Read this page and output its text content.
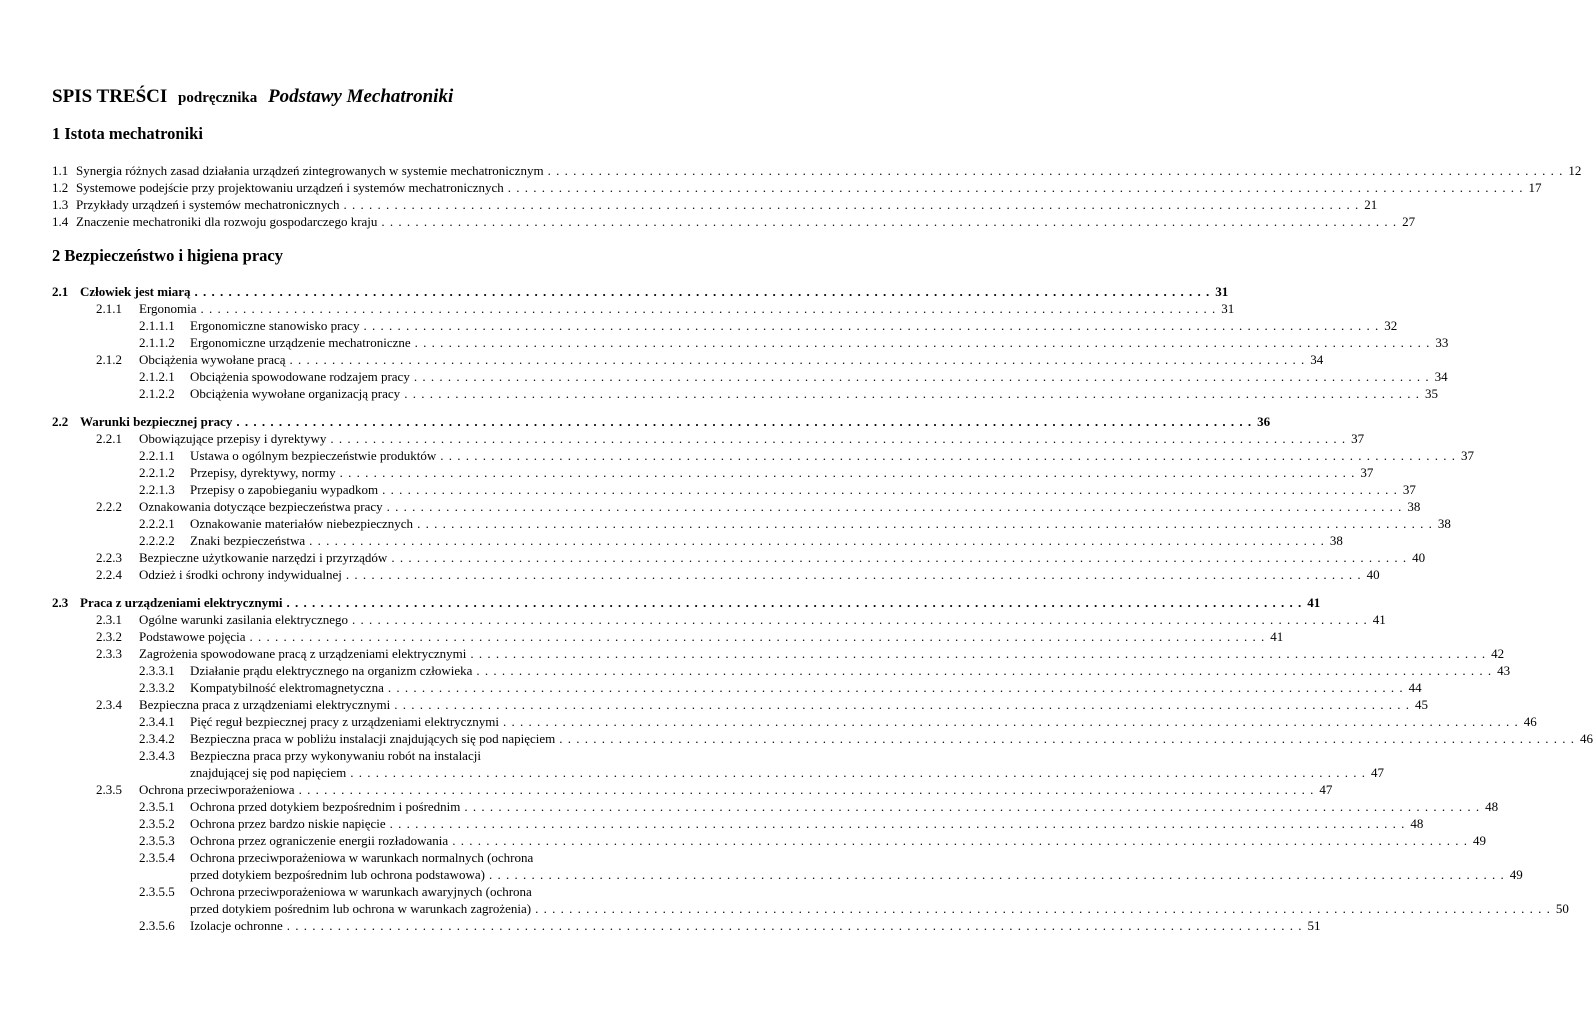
SPIS TREŚCI podręcznika Podstawy Mechatroniki
1 Istota mechatroniki
1.1 Synergia różnych zasad działania urządzeń zintegrowanych w systemie mechatronicznym . . . . . . . . . . . . . . . . . . . . . . . . . . . . . . . . . . . . . . . . . . . . . . . . . . . . . . . . . . . . . . . . . . . . . . . . . . . . . . . . . . . . . . . . . . . . . . . . . . . . . . . . . . . . . . . . . . . . . . . . 12
1.2 Systemowe podejście przy projektowaniu urządzeń i systemów mechatronicznych . . . . . . . . . . . . . . . . . . . . . . . . . . . . . . . . . . . . . . . . . . . . . . . . . . . . . . . . . . . . . . . . . . . . . . . . . . . . . . . . . . . . . . . . . . . . . . . . . . . . . . . . . . . . . . . . . . . . . . . . 17
1.3 Przykłady urządzeń i systemów mechatronicznych . . . . . . . . . . . . . . . . . . . . . . . . . . . . . . . . . . . . . . . . . . . . . . . . . . . . . . . . . . . . . . . . . . . . . . . . . . . . . . . . . . . . . . . . . . . . . . . . . . . . . . . . . . . . . . . . . . . . . . . . 21
1.4 Znaczenie mechatroniki dla rozwoju gospodarczego kraju . . . . . . . . . . . . . . . . . . . . . . . . . . . . . . . . . . . . . . . . . . . . . . . . . . . . . . . . . . . . . . . . . . . . . . . . . . . . . . . . . . . . . . . . . . . . . . . . . . . . . . . . . . . . . . . . . . . . . . . . 27
2 Bezpieczeństwo i higiena pracy
2.1 Człowiek jest miarą . . . . . . . . . . . . . . . . . . . . . . . . . . . . . . . . . . . . . . . . . . . . . . . . . . . . . . . . . . . . . . . . . . . . . . . . . . . . . . . . . . . . . . . . . . . . . . . . . . . . . . . . . . . . . . . . . . . . . . . . 31
2.1.1 Ergonomia . . . . . . . . . . . . . . . . . . . . . . . . . . . . . . . . . . . . . . . . . . . . . . . . . . . . . . . . . . . . . . . . . . . . . . . . . . . . . . . . . . . . . . . . . . . . . . . . . . . . . . . . . . . . . . . . . . . . . . . . 31
2.1.1.1 Ergonomiczne stanowisko pracy . . . . . . . . . . . . . . . . . . . . . . . . . . . . . . . . . . . . . . . . . . . . . . . . . . . . . . . . . . . . . . . . . . . . . . . . . . . . . . . . . . . . . . . . . . . . . . . . . . . . . . . . . . . . . . . . . . . . . . . . 32
2.1.1.2 Ergonomiczne urządzenie mechatroniczne . . . . . . . . . . . . . . . . . . . . . . . . . . . . . . . . . . . . . . . . . . . . . . . . . . . . . . . . . . . . . . . . . . . . . . . . . . . . . . . . . . . . . . . . . . . . . . . . . . . . . . . . . . . . . . . . . . . . . . . . 33
2.1.2 Obciążenia wywołane pracą . . . . . . . . . . . . . . . . . . . . . . . . . . . . . . . . . . . . . . . . . . . . . . . . . . . . . . . . . . . . . . . . . . . . . . . . . . . . . . . . . . . . . . . . . . . . . . . . . . . . . . . . . . . . . . . . . . . . . . . . 34
2.1.2.1 Obciążenia spowodowane rodzajem pracy . . . . . . . . . . . . . . . . . . . . . . . . . . . . . . . . . . . . . . . . . . . . . . . . . . . . . . . . . . . . . . . . . . . . . . . . . . . . . . . . . . . . . . . . . . . . . . . . . . . . . . . . . . . . . . . . . . . . . . . . 34
2.1.2.2 Obciążenia wywołane organizacją pracy . . . . . . . . . . . . . . . . . . . . . . . . . . . . . . . . . . . . . . . . . . . . . . . . . . . . . . . . . . . . . . . . . . . . . . . . . . . . . . . . . . . . . . . . . . . . . . . . . . . . . . . . . . . . . . . . . . . . . . . . 35
2.2 Warunki bezpiecznej pracy . . . . . . . . . . . . . . . . . . . . . . . . . . . . . . . . . . . . . . . . . . . . . . . . . . . . . . . . . . . . . . . . . . . . . . . . . . . . . . . . . . . . . . . . . . . . . . . . . . . . . . . . . . . . . . . . . . . . . . . . 36
2.2.1 Obowiązujące przepisy i dyrektywy . . . . . . . . . . . . . . . . . . . . . . . . . . . . . . . . . . . . . . . . . . . . . . . . . . . . . . . . . . . . . . . . . . . . . . . . . . . . . . . . . . . . . . . . . . . . . . . . . . . . . . . . . . . . . . . . . . . . . . . . 37
2.2.1.1 Ustawa o ogólnym bezpieczeństwie produktów . . . . . . . . . . . . . . . . . . . . . . . . . . . . . . . . . . . . . . . . . . . . . . . . . . . . . . . . . . . . . . . . . . . . . . . . . . . . . . . . . . . . . . . . . . . . . . . . . . . . . . . . . . . . . . . . . . . . . . . . 37
2.2.1.2 Przepisy, dyrektywy, normy . . . . . . . . . . . . . . . . . . . . . . . . . . . . . . . . . . . . . . . . . . . . . . . . . . . . . . . . . . . . . . . . . . . . . . . . . . . . . . . . . . . . . . . . . . . . . . . . . . . . . . . . . . . . . . . . . . . . . . . . 37
2.2.1.3 Przepisy o zapobieganiu wypadkom . . . . . . . . . . . . . . . . . . . . . . . . . . . . . . . . . . . . . . . . . . . . . . . . . . . . . . . . . . . . . . . . . . . . . . . . . . . . . . . . . . . . . . . . . . . . . . . . . . . . . . . . . . . . . . . . . . . . . . . . 37
2.2.2 Oznakowania dotyczące bezpieczeństwa pracy . . . . . . . . . . . . . . . . . . . . . . . . . . . . . . . . . . . . . . . . . . . . . . . . . . . . . . . . . . . . . . . . . . . . . . . . . . . . . . . . . . . . . . . . . . . . . . . . . . . . . . . . . . . . . . . . . . . . . . . . 38
2.2.2.1 Oznakowanie materiałów niebezpiecznych . . . . . . . . . . . . . . . . . . . . . . . . . . . . . . . . . . . . . . . . . . . . . . . . . . . . . . . . . . . . . . . . . . . . . . . . . . . . . . . . . . . . . . . . . . . . . . . . . . . . . . . . . . . . . . . . . . . . . . . . 38
2.2.2.2 Znaki bezpieczeństwa . . . . . . . . . . . . . . . . . . . . . . . . . . . . . . . . . . . . . . . . . . . . . . . . . . . . . . . . . . . . . . . . . . . . . . . . . . . . . . . . . . . . . . . . . . . . . . . . . . . . . . . . . . . . . . . . . . . . . . . . 38
2.2.3 Bezpieczne użytkowanie narzędzi i przyrządów . . . . . . . . . . . . . . . . . . . . . . . . . . . . . . . . . . . . . . . . . . . . . . . . . . . . . . . . . . . . . . . . . . . . . . . . . . . . . . . . . . . . . . . . . . . . . . . . . . . . . . . . . . . . . . . . . . . . . . . . 40
2.2.4 Odzież i środki ochrony indywidualnej . . . . . . . . . . . . . . . . . . . . . . . . . . . . . . . . . . . . . . . . . . . . . . . . . . . . . . . . . . . . . . . . . . . . . . . . . . . . . . . . . . . . . . . . . . . . . . . . . . . . . . . . . . . . . . . . . . . . . . . . 40
2.3 Praca z urządzeniami elektrycznymi . . . . . . . . . . . . . . . . . . . . . . . . . . . . . . . . . . . . . . . . . . . . . . . . . . . . . . . . . . . . . . . . . . . . . . . . . . . . . . . . . . . . . . . . . . . . . . . . . . . . . . . . . . . . . . . . . . . . . . . . 41
2.3.1 Ogólne warunki zasilania elektrycznego . . . . . . . . . . . . . . . . . . . . . . . . . . . . . . . . . . . . . . . . . . . . . . . . . . . . . . . . . . . . . . . . . . . . . . . . . . . . . . . . . . . . . . . . . . . . . . . . . . . . . . . . . . . . . . . . . . . . . . . . 41
2.3.2 Podstawowe pojęcia . . . . . . . . . . . . . . . . . . . . . . . . . . . . . . . . . . . . . . . . . . . . . . . . . . . . . . . . . . . . . . . . . . . . . . . . . . . . . . . . . . . . . . . . . . . . . . . . . . . . . . . . . . . . . . . . . . . . . . . . 41
2.3.3 Zagrożenia spowodowane pracą z urządzeniami elektrycznymi . . . . . . . . . . . . . . . . . . . . . . . . . . . . . . . . . . . . . . . . . . . . . . . . . . . . . . . . . . . . . . . . . . . . . . . . . . . . . . . . . . . . . . . . . . . . . . . . . . . . . . . . . . . . . . . . . . . . . . . . 42
2.3.3.1 Działanie prądu elektrycznego na organizm człowieka . . . . . . . . . . . . . . . . . . . . . . . . . . . . . . . . . . . . . . . . . . . . . . . . . . . . . . . . . . . . . . . . . . . . . . . . . . . . . . . . . . . . . . . . . . . . . . . . . . . . . . . . . . . . . . . . . . . . . . . . 43
2.3.3.2 Kompatybilność elektromagnetyczna . . . . . . . . . . . . . . . . . . . . . . . . . . . . . . . . . . . . . . . . . . . . . . . . . . . . . . . . . . . . . . . . . . . . . . . . . . . . . . . . . . . . . . . . . . . . . . . . . . . . . . . . . . . . . . . . . . . . . . . . 44
2.3.4 Bezpieczna praca z urządzeniami elektrycznymi . . . . . . . . . . . . . . . . . . . . . . . . . . . . . . . . . . . . . . . . . . . . . . . . . . . . . . . . . . . . . . . . . . . . . . . . . . . . . . . . . . . . . . . . . . . . . . . . . . . . . . . . . . . . . . . . . . . . . . . . 45
2.3.4.1 Pięć reguł bezpiecznej pracy z urządzeniami elektrycznymi . . . . . . . . . . . . . . . . . . . . . . . . . . . . . . . . . . . . . . . . . . . . . . . . . . . . . . . . . . . . . . . . . . . . . . . . . . . . . . . . . . . . . . . . . . . . . . . . . . . . . . . . . . . . . . . . . . . . . . . . 46
2.3.4.2 Bezpieczna praca w pobliżu instalacji znajdujących się pod napięciem . . . . . . . . . . . . . . . . . . . . . . . . . . . . . . . . . . . . . . . . . . . . . . . . . . . . . . . . . . . . . . . . . . . . . . . . . . . . . . . . . . . . . . . . . . . . . . . . . . . . . . . . . . . . . . . . . . . . . . . . 46
2.3.4.3 Bezpieczna praca przy wykonywaniu robót na instalacji
znajdującej się pod napięciem . . . . . . . . . . . . . . . . . . . . . . . . . . . . . . . . . . . . . . . . . . . . . . . . . . . . . . . . . . . . . . . . . . . . . . . . . . . . . . . . . . . . . . . . . . . . . . . . . . . . . . . . . . . . . . . . . . . . . . . . 47
2.3.5 Ochrona przeciwporażeniowa . . . . . . . . . . . . . . . . . . . . . . . . . . . . . . . . . . . . . . . . . . . . . . . . . . . . . . . . . . . . . . . . . . . . . . . . . . . . . . . . . . . . . . . . . . . . . . . . . . . . . . . . . . . . . . . . . . . . . . . . 47
2.3.5.1 Ochrona przed dotykiem bezpośrednim i pośrednim . . . . . . . . . . . . . . . . . . . . . . . . . . . . . . . . . . . . . . . . . . . . . . . . . . . . . . . . . . . . . . . . . . . . . . . . . . . . . . . . . . . . . . . . . . . . . . . . . . . . . . . . . . . . . . . . . . . . . . . . 48
2.3.5.2 Ochrona przez bardzo niskie napięcie . . . . . . . . . . . . . . . . . . . . . . . . . . . . . . . . . . . . . . . . . . . . . . . . . . . . . . . . . . . . . . . . . . . . . . . . . . . . . . . . . . . . . . . . . . . . . . . . . . . . . . . . . . . . . . . . . . . . . . . . 48
2.3.5.3 Ochrona przez ograniczenie energii rozładowania . . . . . . . . . . . . . . . . . . . . . . . . . . . . . . . . . . . . . . . . . . . . . . . . . . . . . . . . . . . . . . . . . . . . . . . . . . . . . . . . . . . . . . . . . . . . . . . . . . . . . . . . . . . . . . . . . . . . . . . . 49
2.3.5.4 Ochrona przeciwporażeniowa w warunkach normalnych (ochrona
przed dotykiem bezpośrednim lub ochrona podstawowa) . . . . . . . . . . . . . . . . . . . . . . . . . . . . . . . . . . . . . . . . . . . . . . . . . . . . . . . . . . . . . . . . . . . . . . . . . . . . . . . . . . . . . . . . . . . . . . . . . . . . . . . . . . . . . . . . . . . . . . . . 49
2.3.5.5 Ochrona przeciwporażeniowa w warunkach awaryjnych (ochrona
przed dotykiem pośrednim lub ochrona w warunkach zagrożenia) . . . . . . . . . . . . . . . . . . . . . . . . . . . . . . . . . . . . . . . . . . . . . . . . . . . . . . . . . . . . . . . . . . . . . . . . . . . . . . . . . . . . . . . . . . . . . . . . . . . . . . . . . . . . . . . . . . . . . . . . 50
2.3.5.6 Izolacje ochronne . . . . . . . . . . . . . . . . . . . . . . . . . . . . . . . . . . . . . . . . . . . . . . . . . . . . . . . . . . . . . . . . . . . . . . . . . . . . . . . . . . . . . . . . . . . . . . . . . . . . . . . . . . . . . . . . . . . . . . . . 51
